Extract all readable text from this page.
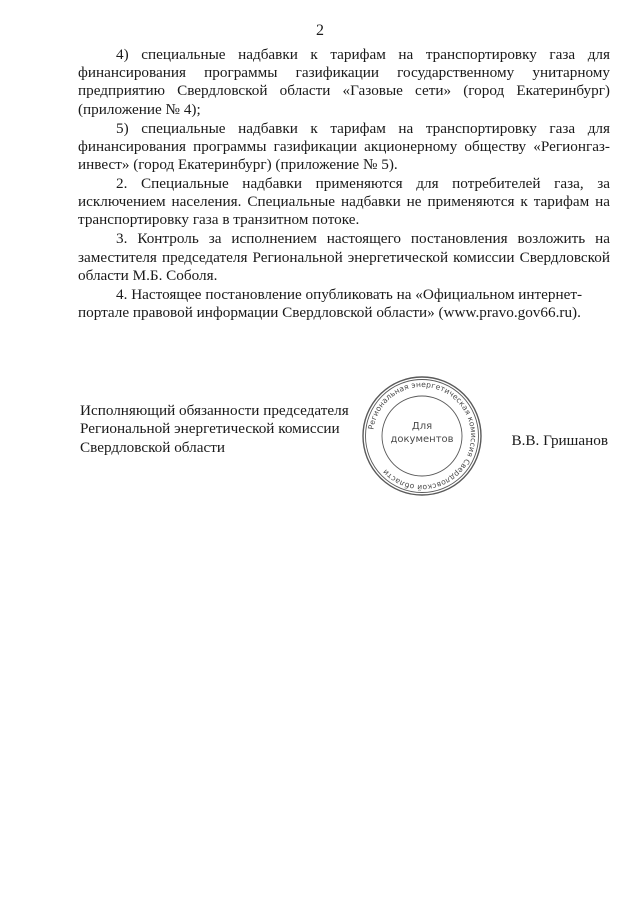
2

4) специальные надбавки к тарифам на транспортировку газа для финансирования программы газификации государственному унитарному предприятию Свердловской области «Газовые сети» (город Екатеринбург) (приложение № 4);

5) специальные надбавки к тарифам на транспортировку газа для финансирования программы газификации акционерному обществу «Регионгаз-инвест» (город Екатеринбург) (приложение № 5).

2. Специальные надбавки применяются для потребителей газа, за исключением населения. Специальные надбавки не применяются к тарифам на транспортировку газа в транзитном потоке.

3. Контроль за исполнением настоящего постановления возложить на заместителя председателя Региональной энергетической комиссии Свердловской области М.Б. Соболя.

4. Настоящее постановление опубликовать на «Официальном интернет-портале правовой информации Свердловской области» (www.pravo.gov66.ru).

Исполняющий обязанности председателя
Региональной энергетической комиссии
Свердловской области
Региональная энергетическая комиссия Свердловской области
Для
документов	В.В. Гришанов
